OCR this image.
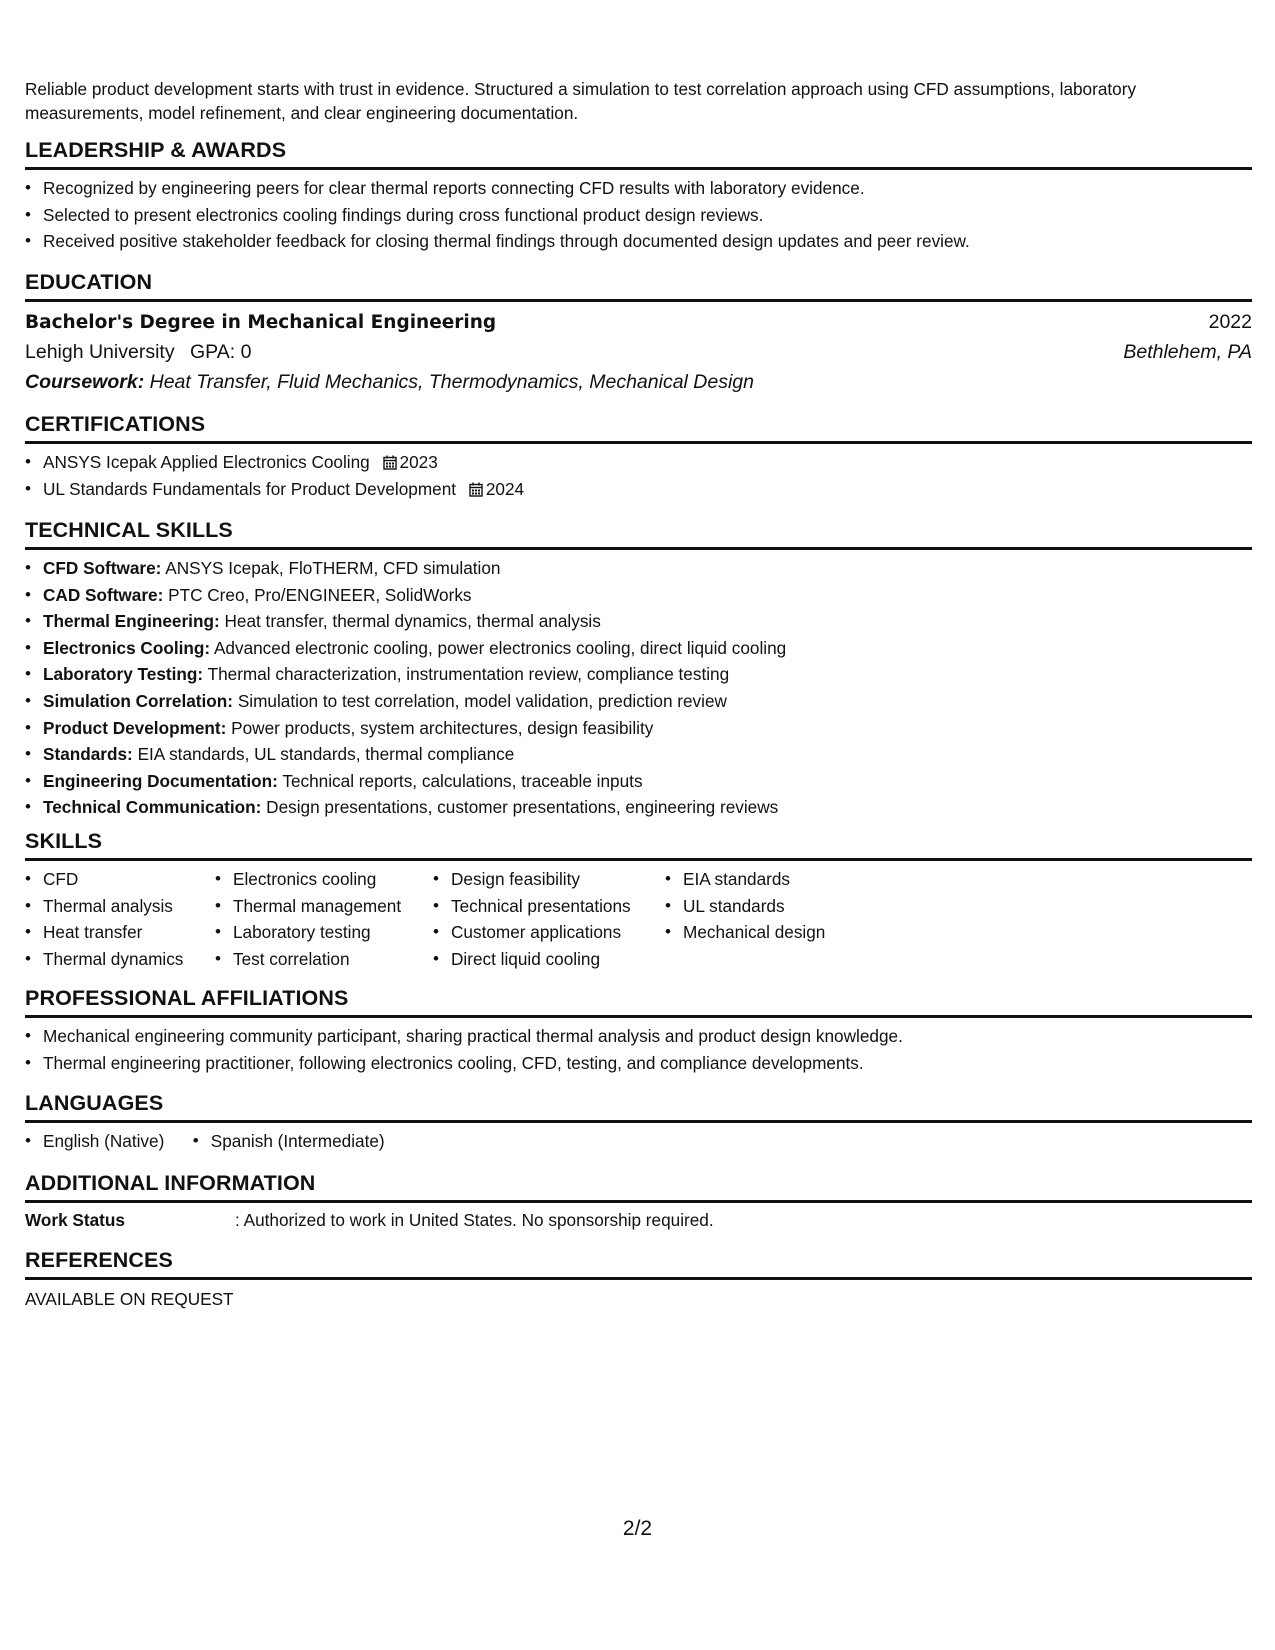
Reliable product development starts with trust in evidence. Structured a simulation to test correlation approach using CFD assumptions, laboratory measurements, model refinement, and clear engineering documentation.

LEADERSHIP & AWARDS
• Recognized by engineering peers for clear thermal reports connecting CFD results with laboratory evidence.
• Selected to present electronics cooling findings during cross functional product design reviews.
• Received positive stakeholder feedback for closing thermal findings through documented design updates and peer review.
EDUCATION
Bachelor's Degree in Mechanical Engineering	2022
Lehigh University GPA: 0	Bethlehem, PA
Coursework: Heat Transfer, Fluid Mechanics, Thermodynamics, Mechanical Design
CERTIFICATIONS
• ANSYS Icepak Applied Electronics Cooling 2023
• UL Standards Fundamentals for Product Development 2024
TECHNICAL SKILLS
• CFD Software: ANSYS Icepak, FloTHERM, CFD simulation
• CAD Software: PTC Creo, Pro/ENGINEER, SolidWorks
• Thermal Engineering: Heat transfer, thermal dynamics, thermal analysis
• Electronics Cooling: Advanced electronic cooling, power electronics cooling, direct liquid cooling
• Laboratory Testing: Thermal characterization, instrumentation review, compliance testing
• Simulation Correlation: Simulation to test correlation, model validation, prediction review
• Product Development: Power products, system architectures, design feasibility
• Standards: EIA standards, UL standards, thermal compliance
• Engineering Documentation: Technical reports, calculations, traceable inputs
• Technical Communication: Design presentations, customer presentations, engineering reviews
SKILLS
• CFD
• Thermal analysis
• Heat transfer
• Thermal dynamics
• Electronics cooling
• Thermal management
• Laboratory testing
• Test correlation
• Design feasibility
• Technical presentations
• Customer applications
• Direct liquid cooling
• EIA standards
• UL standards
• Mechanical design
PROFESSIONAL AFFILIATIONS
• Mechanical engineering community participant, sharing practical thermal analysis and product design knowledge.
• Thermal engineering practitioner, following electronics cooling, CFD, testing, and compliance developments.
LANGUAGES
• English (Native) •	Spanish (Intermediate)
ADDITIONAL INFORMATION
Work Status	: Authorized to work in United States. No sponsorship required.
REFERENCES
AVAILABLE ON REQUEST
2/2
